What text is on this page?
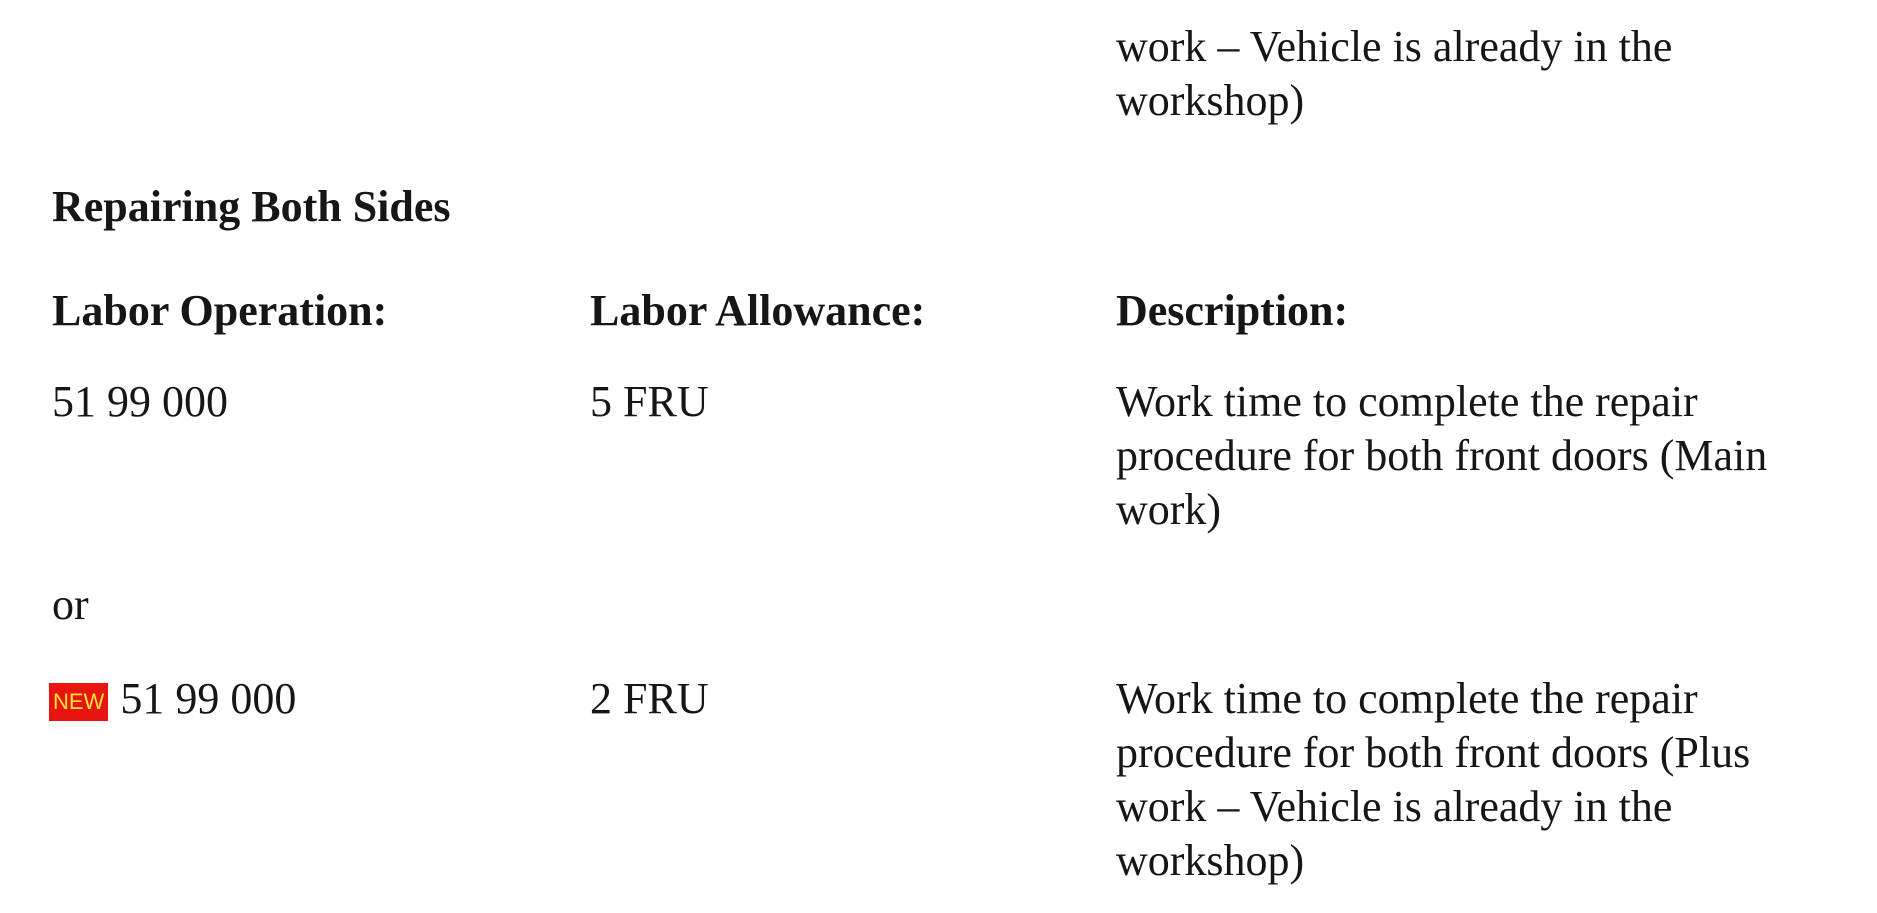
work – Vehicle is already in the
workshop)
Repairing Both Sides
Labor Operation:	Labor Allowance:	Description:
51 99 000	5 FRU	Work time to complete the repair
procedure for both front doors (Main
work)
or
NEW 51 99 000	2 FRU	Work time to complete the repair
procedure for both front doors (Plus
work – Vehicle is already in the
workshop)
